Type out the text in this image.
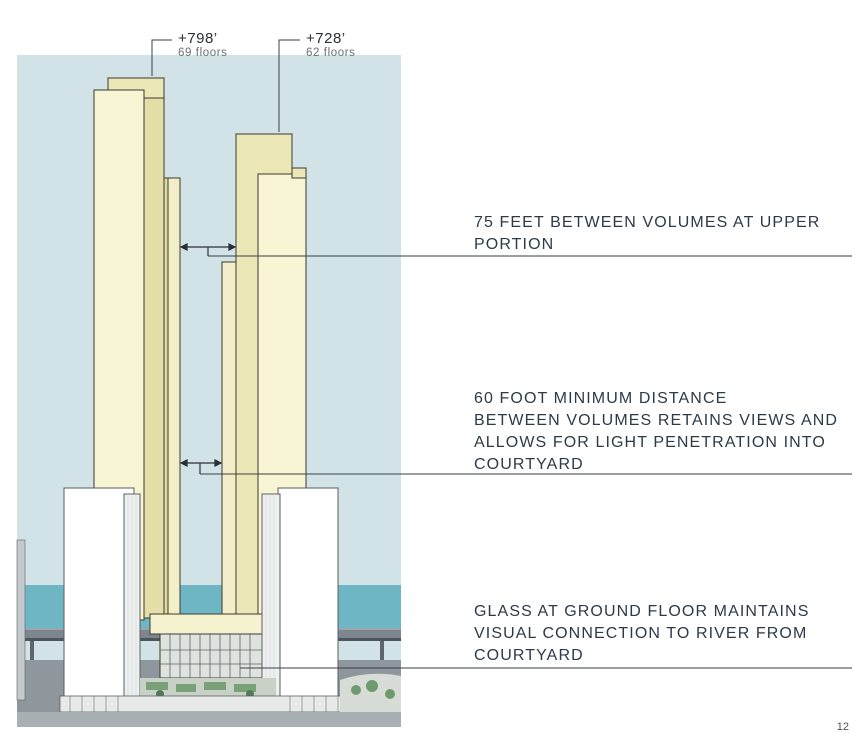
+798’
69 floors
+728’
62 floors

75 FEET BETWEEN VOLUMES AT UPPER
PORTION

60 FOOT MINIMUM DISTANCE
BETWEEN VOLUMES RETAINS VIEWS AND
ALLOWS FOR LIGHT PENETRATION INTO
COURTYARD

GLASS AT GROUND FLOOR MAINTAINS
VISUAL CONNECTION TO RIVER FROM
COURTYARD

12
